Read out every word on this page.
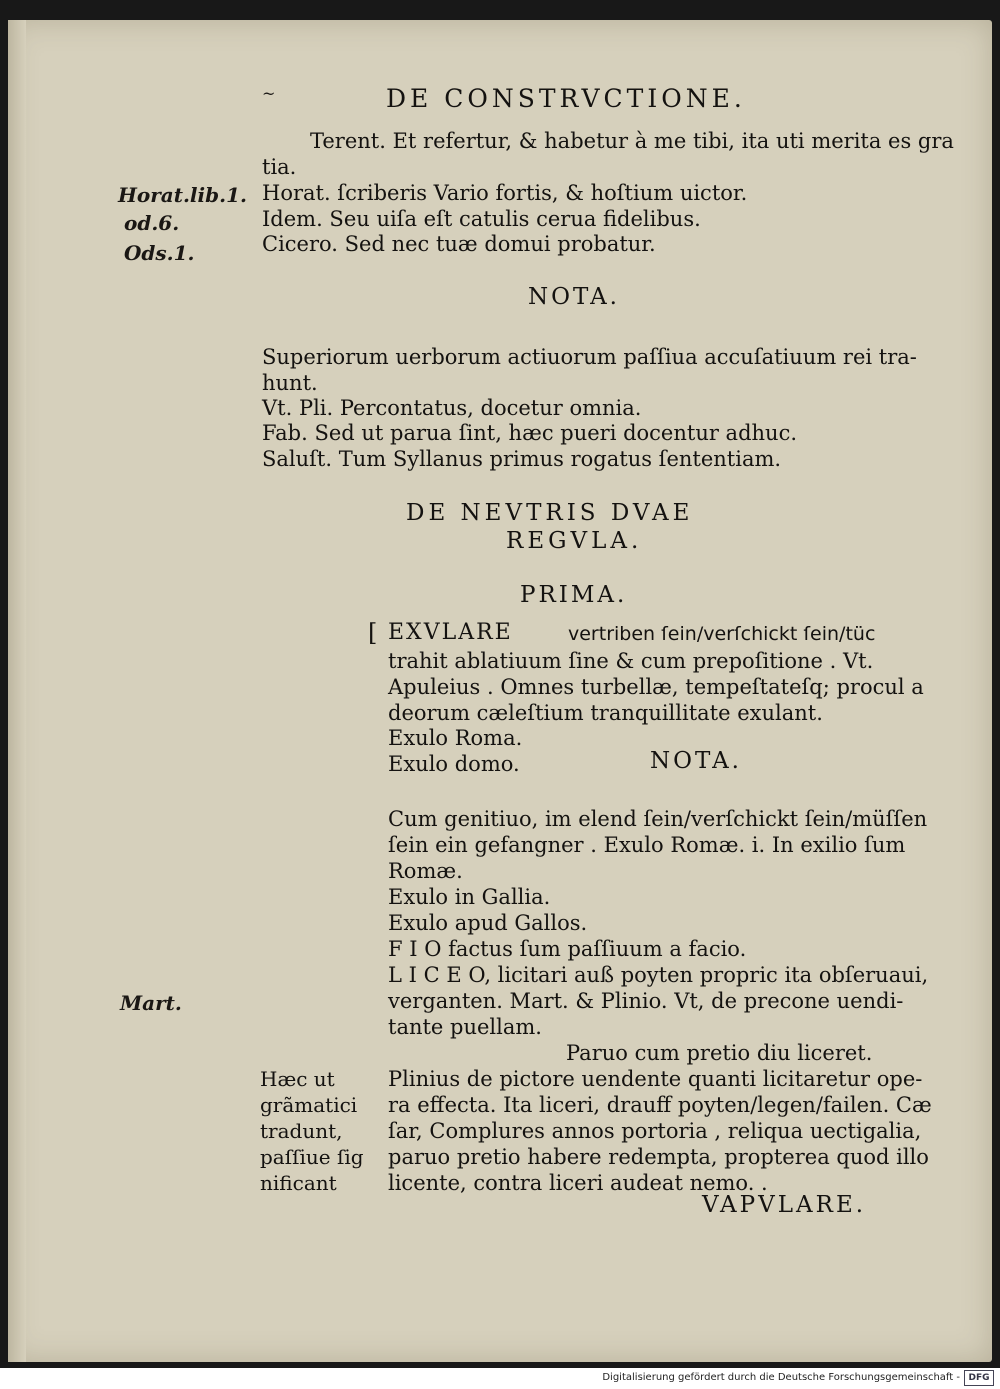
~	DE CONSTRVCTIONE.
Terent. Et refertur, & habetur à me tibi, ita uti merita es gra
tia.
Horat. ſcriberis Vario fortis, & hoſtium uictor.
Idem. Seu uiſa eſt catulis cerua fidelibus.
Cicero. Sed nec tuæ domui probatur.
Horat.lib.1.
od.6.
Ods.1.
NOTA.
Superiorum uerborum actiuorum paſſiua accuſatiuum rei tra-
hunt.
Vt. Pli. Percontatus, docetur omnia.
Fab. Sed ut parua ſint, hæc pueri docentur adhuc.
Saluſt. Tum Syllanus primus rogatus ſententiam.
DE NEVTRIS DVAE
REGVLA.
PRIMA.
[ EXVLARE	vertriben ſein/verſchickt ſein/tüc
trahit ablatiuum ſine & cum prepoſitione . Vt.
Apuleius . Omnes turbellæ, tempeſtateſq; procul a
deorum cæleſtium tranquillitate exulant.
Exulo Roma.
Exulo domo.	NOTA.
Cum genitiuo, im elend ſein/verſchickt ſein/müſſen
ſein ein gefangner . Exulo Romæ. i. In exilio ſum
Romæ.
Exulo in Gallia.
Exulo apud Gallos.
F I O factus ſum paſſiuum a facio.
L I C E O, licitari auß poyten propric ita obſeruaui,
verganten. Mart. & Plinio. Vt, de precone uendi-
tante puellam.
Mart.
Paruo cum pretio diu liceret.
Hæc ut
grãmatici
tradunt,
paſſiue ſig
nificant
Plinius de pictore uendente quanti licitaretur ope-
ra effecta. Ita liceri, drauff poyten/legen/failen. Cæ
ſar, Complures annos portoria , reliqua uectigalia,
paruo pretio habere redempta, propterea quod illo
licente, contra liceri audeat nemo. .
VAPVLARE.
Digitalisierung gefördert durch die Deutsche Forschungsgemeinschaft - DFG
